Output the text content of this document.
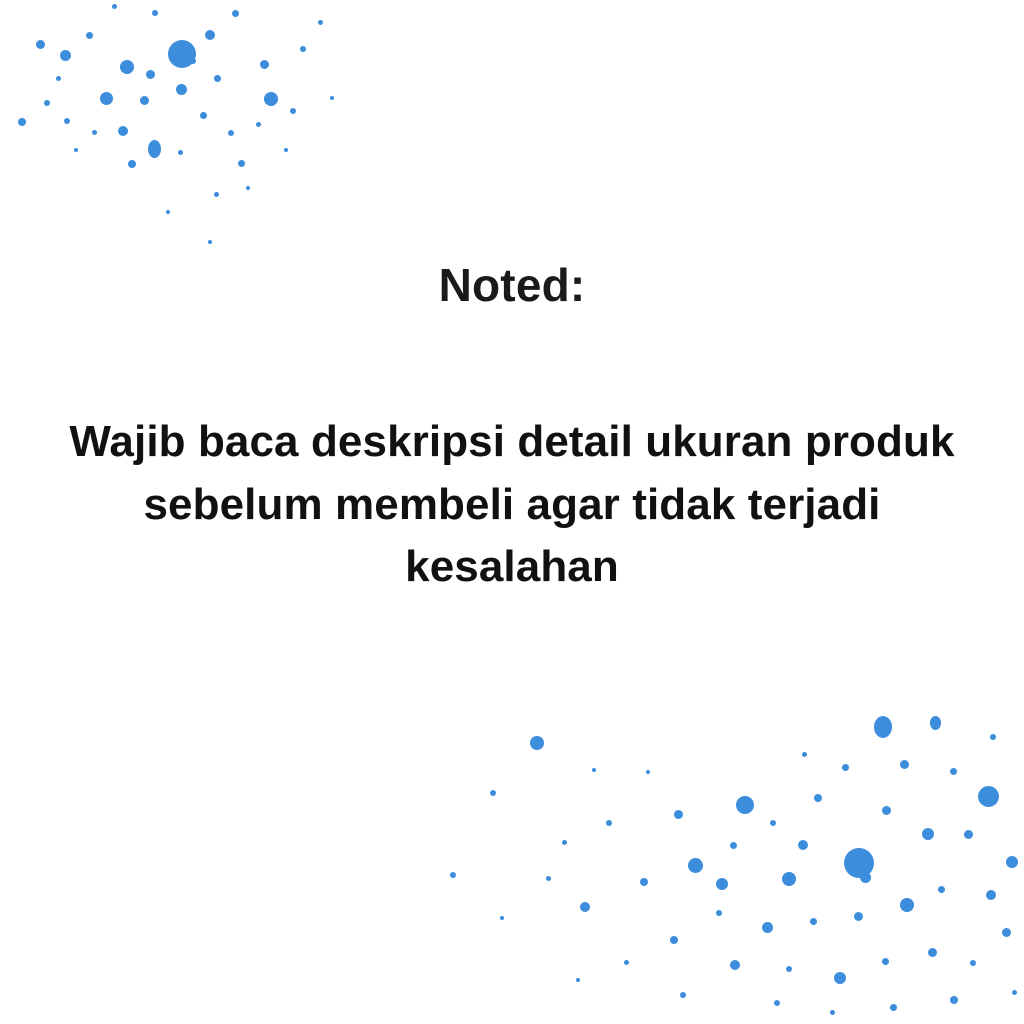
Noted:

Wajib baca deskripsi detail ukuran produk sebelum membeli agar tidak terjadi kesalahan
